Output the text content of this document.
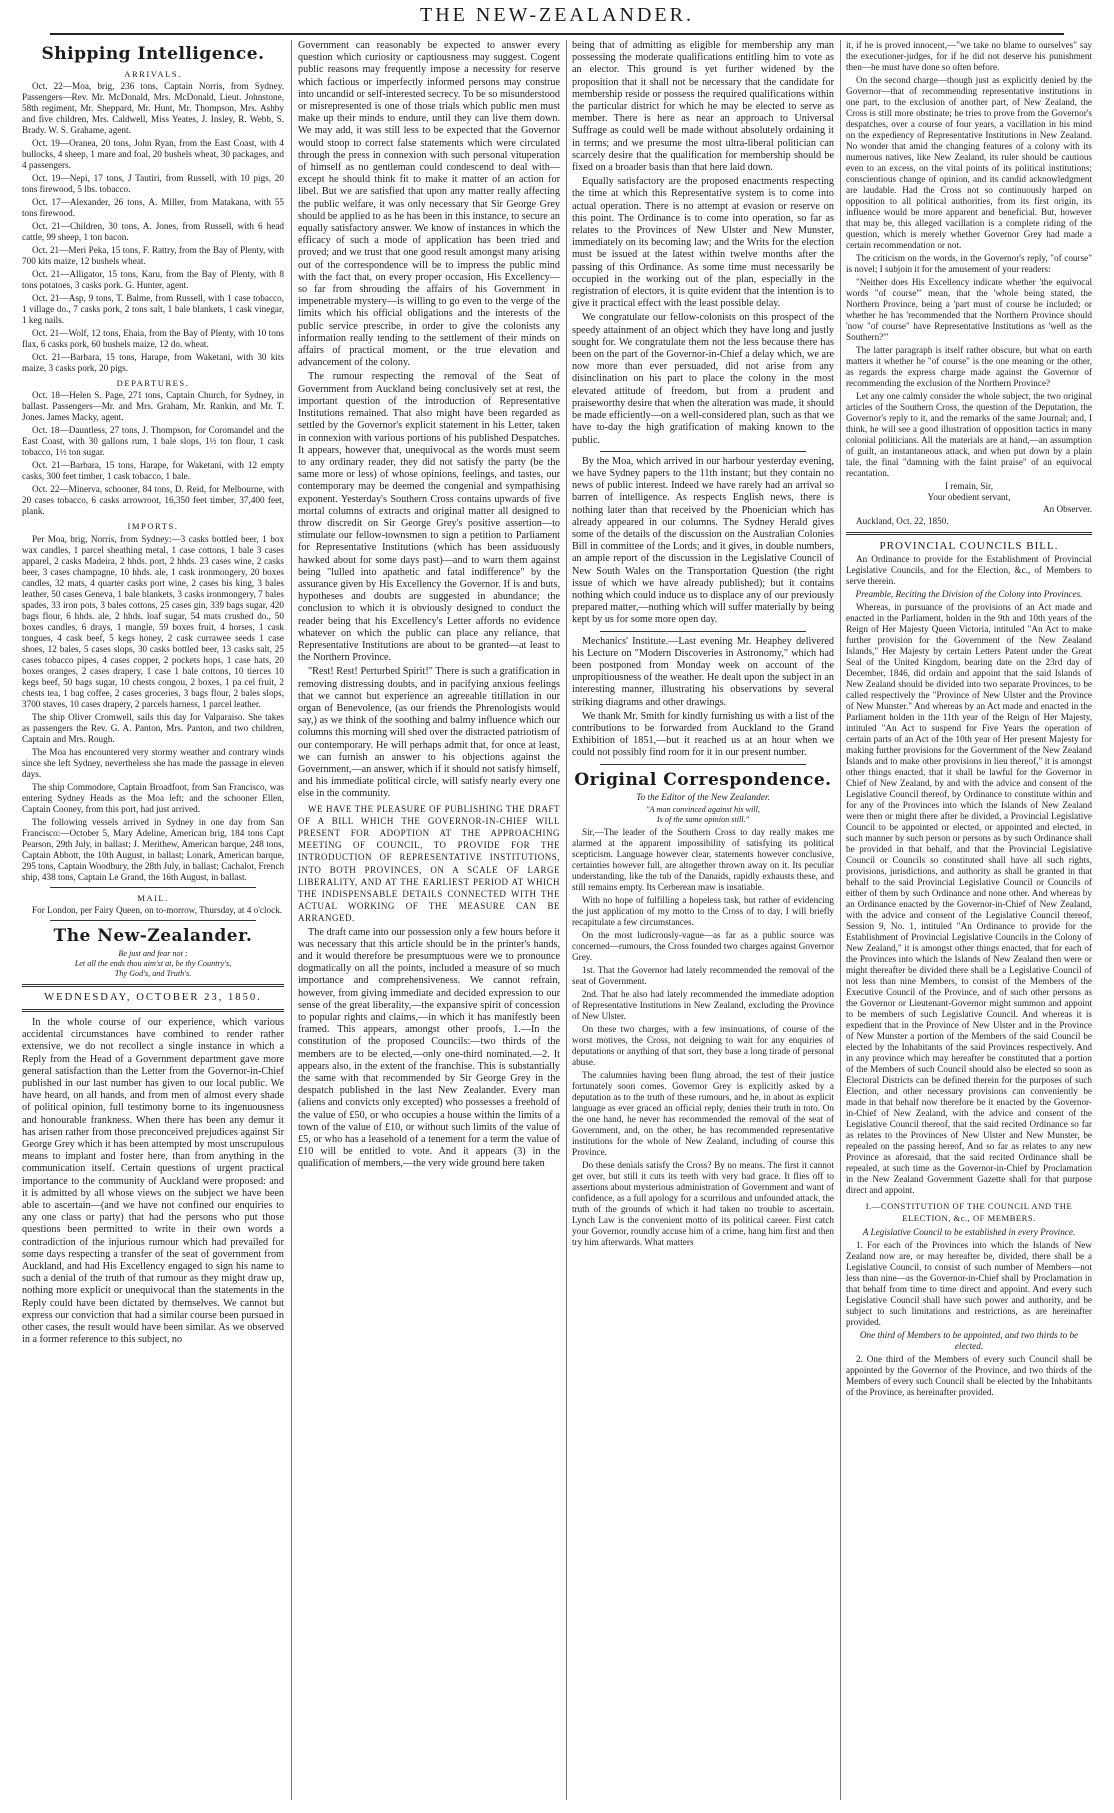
THE NEW-ZEALANDER.
Shipping Intelligence.
ARRIVALS.

Oct. 22—Moa, brig, 236 tons, Captain Norris, from Sydney. Passengers—Rev. Mr. McDonald, Mrs. McDonald, Lieut. Johnstone, 58th regiment, Mr. Sheppard, Mr. Hunt, Mr. Thompson, Mrs. Ashby and five children, Mrs. Caldwell, Miss Yeates, J. Insley, R. Webb, S. Brady. W. S. Grahame, agent.

Oct. 19—Oranea, 20 tons, John Ryan, from the East Coast, with 4 bullocks, 4 sheep, 1 mare and foal, 20 bushels wheat, 30 packages, and 4 passengers.

Oct. 19—Nepi, 17 tons, J Tautiri, from Russell, with 10 pigs, 20 tons firewood, 5 lbs. tobacco.

Oct. 17—Alexander, 26 tons, A. Miller, from Matakana, with 55 tons firewood.

Oct. 21—Children, 30 tons, A. Jones, from Russell, with 6 head cattle, 99 sheep, 1 ton bacon.

Oct. 21—Meri Peka, 15 tons, F. Rattry, from the Bay of Plenty, with 700 kits maize, 12 bushels wheat.

Oct. 21—Alligator, 15 tons, Karu, from the Bay of Plenty, with 8 tons potatoes, 3 casks pork. G. Hunter, agent.

Oct. 21—Asp, 9 tons, T. Balme, from Russell, with 1 case tobacco, 1 village do., 7 casks pork, 2 tons salt, 1 bale blankets, 1 cask vinegar, 1 keg nails.

Oct. 21—Wolf, 12 tons, Ehaia, from the Bay of Plenty, with 10 tons flax, 6 casks pork, 60 bushels maize, 12 do. wheat.

Oct. 21—Barbara, 15 tons, Harape, from Waketani, with 30 kits maize, 3 casks pork, 20 pigs.

DEPARTURES.

Oct. 18—Helen S. Page, 271 tons, Captain Church, for Sydney, in ballast. Passengers—Mr. and Mrs. Graham, Mr. Rankin, and Mr. T. Jones. James Macky, agent.

Oct. 18—Dauntless, 27 tons, J. Thompson, for Coromandel and the East Coast, with 30 gallons rum, 1 bale slops, 1½ ton flour, 1 cask tobacco, 1½ ton sugar.

Oct. 21—Barbara, 15 tons, Harape, for Waketani, with 12 empty casks, 300 feet timber, 1 cask tobacco, 1 bale.

Oct. 22—Minerva, schooner, 84 tons, D. Reid, for Melbourne, with 20 cases tobacco, 6 casks arrowroot, 16,350 feet timber, 37,400 feet, plank.

IMPORTS.

Per Moa, brig, Norris, from Sydney:—3 casks bottled beer, 1 box wax candles, 1 parcel sheathing metal, 1 case cottons, 1 bale 3 cases apparel, 2 casks Madeira, 2 hhds. port, 2 hhds. 23 cases wine, 2 casks beer, 3 cases champagne, 10 hhds. ale, 1 cask ironmongery, 20 boxes candles, 32 mats, 4 quarter casks port wine, 2 cases bis king, 3 bales leather, 50 cases Geneva, 1 bale blankets, 3 casks ironmongery, 7 bales spades, 33 iron pots, 3 bales cottons, 25 cases gin, 339 bags sugar, 420 bags flour, 6 hhds. ale, 2 hhds. loaf sugar, 54 mats crushed do., 50 boxes candles, 6 drays, 1 mangle, 59 boxes fruit, 4 horses, 1 cask tongues, 4 cask beef, 5 kegs honey, 2 cask currawee seeds 1 case shoes, 12 bales, 5 cases slops, 30 casks bottled beer, 13 casks salt, 25 cases tobacco pipes, 4 cases copper, 2 pockets hops, 1 case hats, 20 boxes oranges, 2 cases drapery, 1 case 1 bale cottons, 10 tierces 10 kegs beef, 50 bags sugar, 10 chests congou, 2 boxes, 1 pa cel fruit, 2 chests tea, 1 bag coffee, 2 cases groceries, 3 bags flour, 2 bales slops, 3700 staves, 10 cases drapery, 2 parcels harness, 1 parcel leather.

The ship Oliver Cromwell, sails this day for Valparaiso. She takes as passengers the Rev. G. A. Panton, Mrs. Panton, and two children, Captain and Mrs. Rough.

The Moa has encountered very stormy weather and contrary winds since she left Sydney, nevertheless she has made the passage in eleven days.

The ship Commodore, Captain Broadfoot, from San Francisco, was entering Sydney Heads as the Moa left; and the schooner Ellen, Captain Cooney, from this port, had just arrived.

The following vessels arrived in Sydney in one day from San Francisco:—October 5, Mary Adeline, American brig, 184 tons Capt Pearson, 29th July, in ballast; J. Merithew, American barque, 248 tons, Captain Abbott, the 10th August, in ballast; Lonark, American barque, 295 tons, Captain Woodbury, the 28th July, in ballast; Cachalot, French ship, 438 tons, Captain Le Grand, the 16th August, in ballast.

MAIL.

For London, per Fairy Queen, on to-morrow, Thursday, at 4 o'clock.

The New-Zealander.
Be just and fear not :
Let all the ends thou aim'st at, be thy Country's,
Thy God's, and Truth's.
WEDNESDAY, OCTOBER 23, 1850.

In the whole course of our experience, which various accidental circumstances have combined to render rather extensive, we do not recollect a single instance in which a Reply from the Head of a Government department gave more general satisfaction than the Letter from the Governor-in-Chief published in our last number has given to our local public. We have heard, on all hands, and from men of almost every shade of political opinion, full testimony borne to its ingenuousness and honourable frankness. When there has been any demur it has arisen rather from those preconceived prejudices against Sir George Grey which it has been attempted by most unscrupulous means to implant and foster here, than from anything in the communication itself. Certain questions of urgent practical importance to the community of Auckland were proposed: and it is admitted by all whose views on the subject we have been able to ascertain—(and we have not confined our enquiries to any one class or party) that had the persons who put those questions been permitted to write in their own words a contradiction of the injurious rumour which had prevailed for some days respecting a transfer of the seat of government from Auckland, and had His Excellency engaged to sign his name to such a denial of the truth of that rumour as they might draw up, nothing more explicit or unequivocal than the statements in the Reply could have been dictated by themselves. We cannot but express our conviction that had a similar course been pursued in other cases, the result would have been similar. As we observed in a former reference to this subject, no

Government can reasonably be expected to answer every question which curiosity or captiousness may suggest. Cogent public reasons may frequently impose a necessity for reserve which factious or imperfectly informed persons may construe into uncandid or self-interested secrecy. To be so misunderstood or misrepresented is one of those trials which public men must make up their minds to endure, until they can live them down. We may add, it was still less to be expected that the Governor would stoop to correct false statements which were circulated through the press in connexion with such personal vituperation of himself as no gentleman could condescend to deal with—except he should think fit to make it matter of an action for libel. But we are satisfied that upon any matter really affecting the public welfare, it was only necessary that Sir George Grey should be applied to as he has been in this instance, to secure an equally satisfactory answer. We know of instances in which the efficacy of such a mode of application has been tried and proved; and we trust that one good result amongst many arising out of the correspondence will be to impress the public mind with the fact that, on every proper occasion, His Excellency—so far from shrouding the affairs of his Government in impenetrable mystery—is willing to go even to the verge of the limits which his official obligations and the interests of the public service prescribe, in order to give the colonists any information really tending to the settlement of their minds on affairs of practical moment, or the true elevation and advancement of the colony.

The rumour respecting the removal of the Seat of Government from Auckland being conclusively set at rest, the important question of the introduction of Representative Institutions remained. That also might have been regarded as settled by the Governor's explicit statement in his Letter, taken in connexion with various portions of his published Despatches. It appears, however that, unequivocal as the words must seem to any ordinary reader, they did not satisfy the party (be the same more or less) of whose opinions, feelings, and tastes, our contemporary may be deemed the congenial and sympathising exponent. Yesterday's Southern Cross contains upwards of five mortal columns of extracts and original matter all designed to throw discredit on Sir George Grey's positive assertion—to stimulate our fellow-townsmen to sign a petition to Parliament for Representative Institutions (which has been assiduously hawked about for some days past)—and to warn them against being "lulled into apathetic and fatal indifference" by the assurance given by His Excellency the Governor. If is and buts, hypotheses and doubts are suggested in abundance; the conclusion to which it is obviously designed to conduct the reader being that his Excellency's Letter affords no evidence whatever on which the public can place any reliance, that Representative Institutions are about to be granted—at least to the Northern Province.

"Rest! Rest! Perturbed Spirit!" There is such a gratification in removing distressing doubts, and in pacifying anxious feelings that we cannot but experience an agreeable titillation in our organ of Benevolence, (as our friends the Phrenologists would say,) as we think of the soothing and balmy influence which our columns this morning will shed over the distracted patriotism of our contemporary. He will perhaps admit that, for once at least, we can furnish an answer to his objections against the Government,—an answer, which if it should not satisfy himself, and his immediate political circle, will satisfy nearly every one else in the community.

WE HAVE THE PLEASURE OF PUBLISHING THE DRAFT OF A BILL WHICH THE GOVERNOR-IN-CHIEF WILL PRESENT FOR ADOPTION AT THE APPROACHING MEETING OF COUNCIL, TO PROVIDE FOR THE INTRODUCTION OF REPRESENTATIVE INSTITUTIONS, INTO BOTH PROVINCES, ON A SCALE OF LARGE LIBERALITY, AND AT THE EARLIEST PERIOD AT WHICH THE INDISPENSABLE DETAILS CONNECTED WITH THE ACTUAL WORKING OF THE MEASURE CAN BE ARRANGED.

The draft came into our possession only a few hours before it was necessary that this article should be in the printer's hands, and it would therefore be presumptuous were we to pronounce dogmatically on all the points, included a measure of so much importance and comprehensiveness. We cannot refrain, however, from giving immediate and decided expression to our sense of the great liberality,—the expansive spirit of concession to popular rights and claims,—in which it has manifestly been framed. This appears, amongst other proofs, 1.—In the constitution of the proposed Councils:—two thirds of the members are to be elected,—only one-third nominated.—2. It appears also, in the extent of the franchise. This is substantially the same with that recommended by Sir George Grey in the despatch published in the last New Zealander. Every man (aliens and convicts only excepted) who possesses a freehold of the value of £50, or who occupies a house within the limits of a town of the value of £10, or without such limits of the value of £5, or who has a leasehold of a tenement for a term the value of £10 will be entitled to vote. And it appears (3) in the qualification of members,—the very wide ground here taken

being that of admitting as eligible for membership any man possessing the moderate qualifications entitling him to vote as an elector. This ground is yet further widened by the proposition that it shall not be necessary that the candidate for membership reside or possess the required qualifications within the particular district for which he may be elected to serve as member. There is here as near an approach to Universal Suffrage as could well be made without absolutely ordaining it in terms; and we presume the most ultra-liberal politician can scarcely desire that the qualification for membership should be fixed on a broader basis than that here laid down.

Equally satisfactory are the proposed enactments respecting the time at which this Representative system is to come into actual operation. There is no attempt at evasion or reserve on this point. The Ordinance is to come into operation, so far as relates to the Provinces of New Ulster and New Munster, immediately on its becoming law; and the Writs for the election must be issued at the latest within twelve months after the passing of this Ordinance. As some time must necessarily be occupied in the working out of the plan, especially in the registration of electors, it is quite evident that the intention is to give it practical effect with the least possible delay.

We congratulate our fellow-colonists on this prospect of the speedy attainment of an object which they have long and justly sought for. We congratulate them not the less because there has been on the part of the Governor-in-Chief a delay which, we are now more than ever persuaded, did not arise from any disinclination on his part to place the colony in the most elevated attitude of freedom, but from a prudent and praiseworthy desire that when the alteration was made, it should be made efficiently—on a well-considered plan, such as that we have to-day the high gratification of making known to the public.

By the Moa, which arrived in our harbour yesterday evening, we have Sydney papers to the 11th instant; but they contain no news of public interest. Indeed we have rarely had an arrival so barren of intelligence. As respects English news, there is nothing later than that received by the Phoenician which has already appeared in our columns. The Sydney Herald gives some of the details of the discussion on the Australian Colonies Bill in committee of the Lords; and it gives, in double numbers, an ample report of the discussion in the Legislative Council of New South Wales on the Transportation Question (the right issue of which we have already published); but it contains nothing which could induce us to displace any of our previously prepared matter,—nothing which will suffer materially by being kept by us for some more open day.

Mechanics' Institute.—Last evening Mr. Heaphey delivered his Lecture on "Modern Discoveries in Astronomy," which had been postponed from Monday week on account of the unpropitiousness of the weather. He dealt upon the subject in an interesting manner, illustrating his observations by several striking diagrams and other drawings.

We thank Mr. Smith for kindly furnishing us with a list of the contributions to be forwarded from Auckland to the Grand Exhibition of 1851,—but it reached us at an hour when we could not possibly find room for it in our present number.

Original Correspondence.
To the Editor of the New Zealander.
"A man convinced against his will,
Is of the same opinion still."

Sir,—The leader of the Southern Cross to day really makes me alarmed at the apparent impossibility of satisfying its political scepticism. Language however clear, statements however conclusive, certainties however full, are altogether thrown away on it. Its peculiar understanding, like the tub of the Danaids, rapidly exhausts these, and still remains empty. Its Cerberean maw is insatiable.

With no hope of fulfilling a hopeless task, but rather of evidencing the just application of my motto to the Cross of to day, I will briefly recapitulate a few circumstances.

On the most ludicrously-vague—as far as a public source was concerned—rumours, the Cross founded two charges against Governor Grey.

1st. That the Governor had lately recommended the removal of the seat of Government.

2nd. That he also had lately recommended the immediate adoption of Representative Institutions in New Zealand, excluding the Province of New Ulster.

On these two charges, with a few insinuations, of course of the worst motives, the Cross, not deigning to wait for any enquiries of deputations or anything of that sort, they base a long tirade of personal abuse.

The calumnies having been flung abroad, the test of their justice fortunately soon comes. Governor Grey is explicitly asked by a deputation as to the truth of these rumours, and he, in about as explicit language as ever graced an official reply, denies their truth in toto. On the one hand, he never has recommended the removal of the seat of Government, and, on the other, he has recommended representative institutions for the whole of New Zealand, including of course this Province.

Do these denials satisfy the Cross? By no means. The first it cannot get over, but still it cuts its teeth with very bad grace. It flies off to assertions about mysterious administration of Government and want of confidence, as a full apology for a scurrilous and unfounded attack, the truth of the grounds of which it had taken no trouble to ascertain. Lynch Law is the convenient motto of its political career. First catch your Governor, roundly accuse him of a crime, hang him first and then try him afterwards. What matters

it, if he is proved innocent,—"we take no blame to ourselves" say the executioner-judges, for if he did not deserve his punishment then—he must have done so often before.

On the second charge—though just as explicitly denied by the Governor—that of recommending representative institutions in one part, to the exclusion of another part, of New Zealand, the Cross is still more obstinate; he tries to prove from the Governor's despatches, over a course of four years, a vacillation in his mind on the expediency of Representative Institutions in New Zealand. No wonder that amid the changing features of a colony with its numerous natives, like New Zealand, its ruler should be cautious even to an excess, on the vital points of its political institutions; conscientious change of opinion, and its candid acknowledgment are laudable. Had the Cross not so continuously harped on opposition to all political authorities, from its first origin, its influence would be more apparent and beneficial. But, however that may be, this alleged vacillation is a complete riding of the question, which is merely whether Governor Grey had made a certain recommendation or not.

The criticism on the words, in the Governor's reply, "of course" is novel; I subjoin it for the amusement of your readers:

"Neither does His Excellency indicate whether 'the equivocal words "of course"' mean, that the 'whole being stated, the Northern Province, being a 'part must of course be included; or whether he has 'recommended that the Northern Province should 'now "of course" have Representative Institutions as 'well as the Southern?'"

The latter paragraph is itself rather obscure, but what on earth matters it whether he "of course" is the one meaning or the other, as regards the express charge made against the Governor of recommending the exclusion of the Northern Province?

Let any one calmly consider the whole subject, the two original articles of the Southern Cross, the question of the Deputation, the Governor's reply to it, and the remarks of the same Journal; and, I think, he will see a good illustration of opposition tactics in many colonial politicians. All the materials are at hand,—an assumption of guilt, an instantaneous attack, and when put down by a plain tale, the final "damning with the faint praise" of an equivocal recantation.

I remain, Sir,
Your obedient servant,
An Observer.

Auckland, Oct. 22, 1850.

PROVINCIAL COUNCILS BILL.

An Ordinance to provide for the Establishment of Provincial Legislative Councils, and for the Election, &c., of Members to serve therein.

Preamble, Reciting the Division of the Colony into Provinces.

Whereas, in pursuance of the provisions of an Act made and enacted in the Parliament, holden in the 9th and 10th years of the Reign of Her Majesty Queen Victoria, intituled "An Act to make further provision for the Government of the New Zealand Islands," Her Majesty by certain Letters Patent under the Great Seal of the United Kingdom, bearing date on the 23rd day of December, 1846, did ordain and appoint that the said Islands of New Zealand should be divided into two separate Provinces, to be called respectively the "Province of New Ulster and the Province of New Munster." And whereas by an Act made and enacted in the Parliament holden in the 11th year of the Reign of Her Majesty, intituled "An Act to suspend for Five Years the operation of certain parts of an Act of the 10th year of Her present Majesty for making further provisions for the Government of the New Zealand Islands and to make other provisions in lieu thereof," it is amongst other things enacted, that it shall be lawful for the Governor in Chief of New Zealand, by and with the advice and consent of the Legislative Council thereof, by Ordinance to constitute within and for any of the Provinces into which the Islands of New Zealand were then or might there after be divided, a Provincial Legislative Council to be appointed or elected, or appointed and elected, in such manner by such person or persons as by such Ordinance shall be provided in that behalf, and that the Provincial Legislative Council or Councils so constituted shall have all such rights, provisions, jurisdictions, and authority as shall be granted in that behalf to the said Provincial Legislative Council or Councils of either of them by such Ordinance and none other. And whereas by an Ordinance enacted by the Governor-in-Chief of New Zealand, with the advice and consent of the Legislative Council thereof, Session 9, No. 1, intituled "An Ordinance to provide for the Establishment of Provincial Legislative Councils in the Colony of New Zealand," it is amongst other things enacted, that for each of the Provinces into which the Islands of New Zealand then were or might thereafter be divided there shall be a Legislative Council of not less than nine Members, to consist of the Members of the Executive Council of the Province, and of such other persons as the Governor or Lieutenant-Governor might summon and appoint to be members of such Legislative Council. And whereas it is expedient that in the Province of New Ulster and in the Province of New Munster a portion of the Members of the said Council be elected by the Inhabitants of the said Provinces respectively. And in any province which may hereafter be constituted that a portion of the Members of such Council should also be elected so soon as Electoral Districts can be defined therein for the purposes of such Election, and other necessary provisions can conveniently be made in that behalf now therefore be it enacted by the Governor-in-Chief of New Zealand, with the advice and consent of the Legislative Council thereof, that the said recited Ordinance so far as relates to the Provinces of New Ulster and New Munster, be repealed on the passing hereof, And so far as relates to any new Province as aforesaid, that the said recited Ordinance shall be repealed, at such time as the Governor-in-Chief by Proclamation in the New Zealand Government Gazette shall for that purpose direct and appoint.

I.—CONSTITUTION OF THE COUNCIL AND THE ELECTION, &c., OF MEMBERS.

A Legislative Council to be established in every Province.

1. For each of the Provinces into which the Islands of New Zealand now are, or may hereafter be, divided, there shall be a Legislative Council, to consist of such number of Members—not less than nine—as the Governor-in-Chief shall by Proclamation in that behalf from time to time direct and appoint. And every such Legislative Council shall have such power and authority, and be subject to such limitations and restrictions, as are hereinafter provided.

One third of Members to be appointed, and two thirds to be elected.

2. One third of the Members of every such Council shall be appointed by the Governor of the Province, and two thirds of the Members of every such Council shall be elected by the Inhabitants of the Province, as hereinafter provided.
